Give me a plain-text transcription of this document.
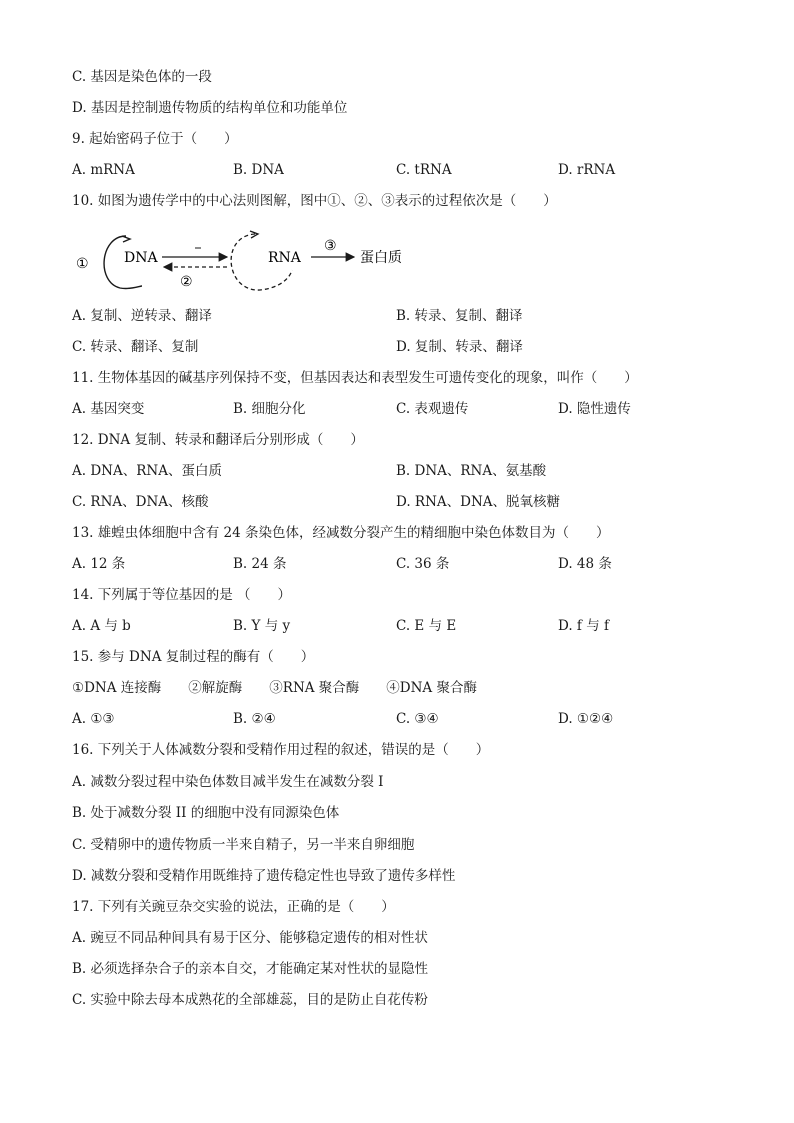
C. 基因是染色体的一段
D. 基因是控制遗传物质的结构单位和功能单位
9. 起始密码子位于（　　）
A. mRNA	B. DNA	C. tRNA	D. rRNA
10. 如图为遗传学中的中心法则图解，图中①、②、③表示的过程依次是（　　）
①	DNA
②
RNA
③
蛋白质
A. 复制、逆转录、翻译	B. 转录、复制、翻译
C. 转录、翻译、复制	D. 复制、转录、翻译
11. 生物体基因的碱基序列保持不变，但基因表达和表型发生可遗传变化的现象，叫作（　　）
A. 基因突变	B. 细胞分化	C. 表观遗传	D. 隐性遗传
12. DNA 复制、转录和翻译后分别形成（　　）
A. DNA、RNA、蛋白质	B. DNA、RNA、氨基酸
C. RNA、DNA、核酸	D. RNA、DNA、脱氧核糖
13. 雄蝗虫体细胞中含有 24 条染色体，经减数分裂产生的精细胞中染色体数目为（　　）
A. 12 条	B. 24 条	C. 36 条	D. 48 条
14. 下列属于等位基因的是 （　　）
A. A 与 b	B. Y 与 y	C. E 与 E	D. f 与 f
15. 参与 DNA 复制过程的酶有（　　）
①DNA 连接酶　　②解旋酶　　③RNA 聚合酶　　④DNA 聚合酶
A. ①③	B. ②④	C. ③④	D. ①②④
16. 下列关于人体减数分裂和受精作用过程的叙述，错误的是（　　）
A. 减数分裂过程中染色体数目减半发生在减数分裂 I
B. 处于减数分裂 II 的细胞中没有同源染色体
C. 受精卵中的遗传物质一半来自精子，另一半来自卵细胞
D. 减数分裂和受精作用既维持了遗传稳定性也导致了遗传多样性
17. 下列有关豌豆杂交实验的说法，正确的是（　　）
A. 豌豆不同品种间具有易于区分、能够稳定遗传的相对性状
B. 必须选择杂合子的亲本自交，才能确定某对性状的显隐性
C. 实验中除去母本成熟花的全部雄蕊，目的是防止自花传粉
